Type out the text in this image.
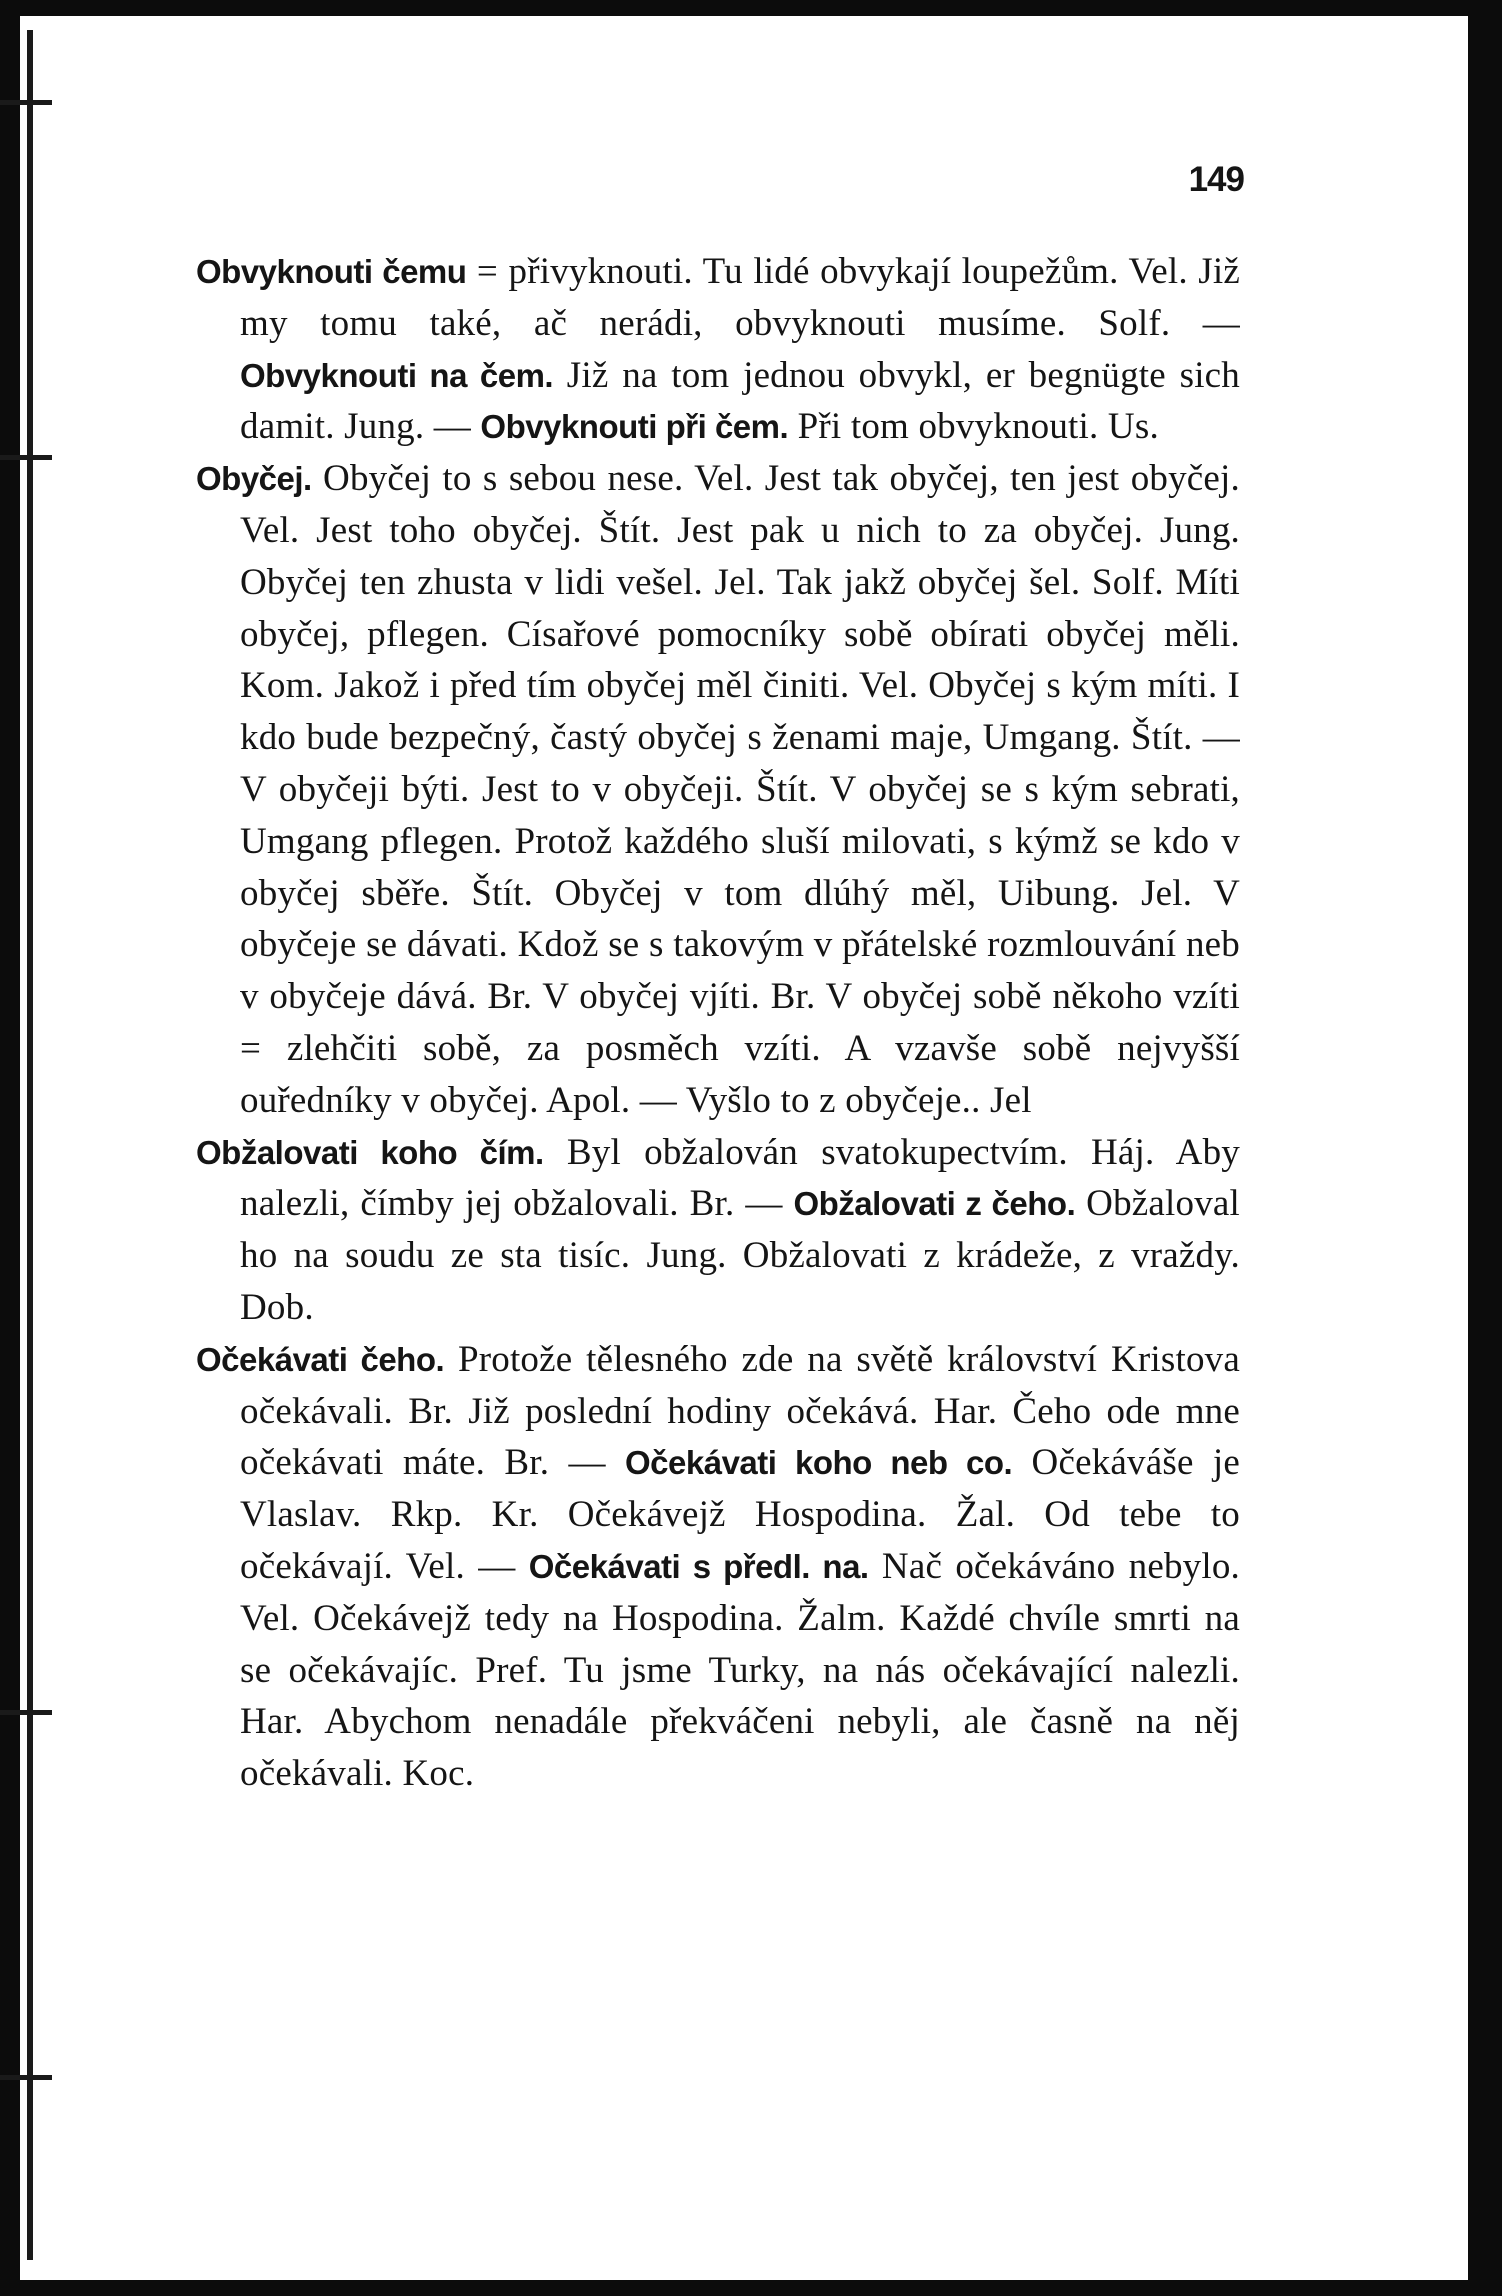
149

Obvyknouti čemu = přivyknouti. Tu lidé obvykají loupežům. Vel. Již my tomu také, ač nerádi, obvyknouti musíme. Solf. — Obvyknouti na čem. Již na tom jednou obvykl, er begnügte sich damit. Jung. — Obvyknouti při čem. Při tom obvyknouti. Us.

Obyčej. Obyčej to s sebou nese. Vel. Jest tak obyčej, ten jest obyčej. Vel. Jest toho obyčej. Štít. Jest pak u nich to za obyčej. Jung. Obyčej ten zhusta v lidi vešel. Jel. Tak jakž obyčej šel. Solf. Míti obyčej, pflegen. Císařové pomocníky sobě obírati obyčej měli. Kom. Jakož i před tím obyčej měl činiti. Vel. Obyčej s kým míti. I kdo bude bezpečný, častý obyčej s ženami maje, Umgang. Štít. — V obyčeji býti. Jest to v obyčeji. Štít. V obyčej se s kým sebrati, Umgang pflegen. Protož každého sluší milovati, s kýmž se kdo v obyčej sběře. Štít. Obyčej v tom dlúhý měl, Uibung. Jel. V obyčeje se dávati. Kdož se s takovým v přátelské rozmlouvání neb v obyčeje dává. Br. V obyčej vjíti. Br. V obyčej sobě někoho vzíti = zlehčiti sobě, za posměch vzíti. A vzavše sobě nejvyšší ouředníky v obyčej. Apol. — Vyšlo to z obyčeje.. Jel

Obžalovati koho čím. Byl obžalován svatokupectvím. Háj. Aby nalezli, čímby jej obžalovali. Br. — Obžalovati z čeho. Obžaloval ho na soudu ze sta tisíc. Jung. Obžalovati z krádeže, z vraždy. Dob.

Očekávati čeho. Protože tělesného zde na světě království Kristova očekávali. Br. Již poslední hodiny očekává. Har. Čeho ode mne očekávati máte. Br. — Očekávati koho neb co. Očekáváše je Vlaslav. Rkp. Kr. Očekávejž Hospodina. Žal. Od tebe to očekávají. Vel. — Očekávati s předl. na. Nač očekáváno nebylo. Vel. Očekávejž tedy na Hospodina. Žalm. Každé chvíle smrti na se očekávajíc. Pref. Tu jsme Turky, na nás očekávající nalezli. Har. Abychom nenadále překváčeni nebyli, ale časně na něj očekávali. Koc.
